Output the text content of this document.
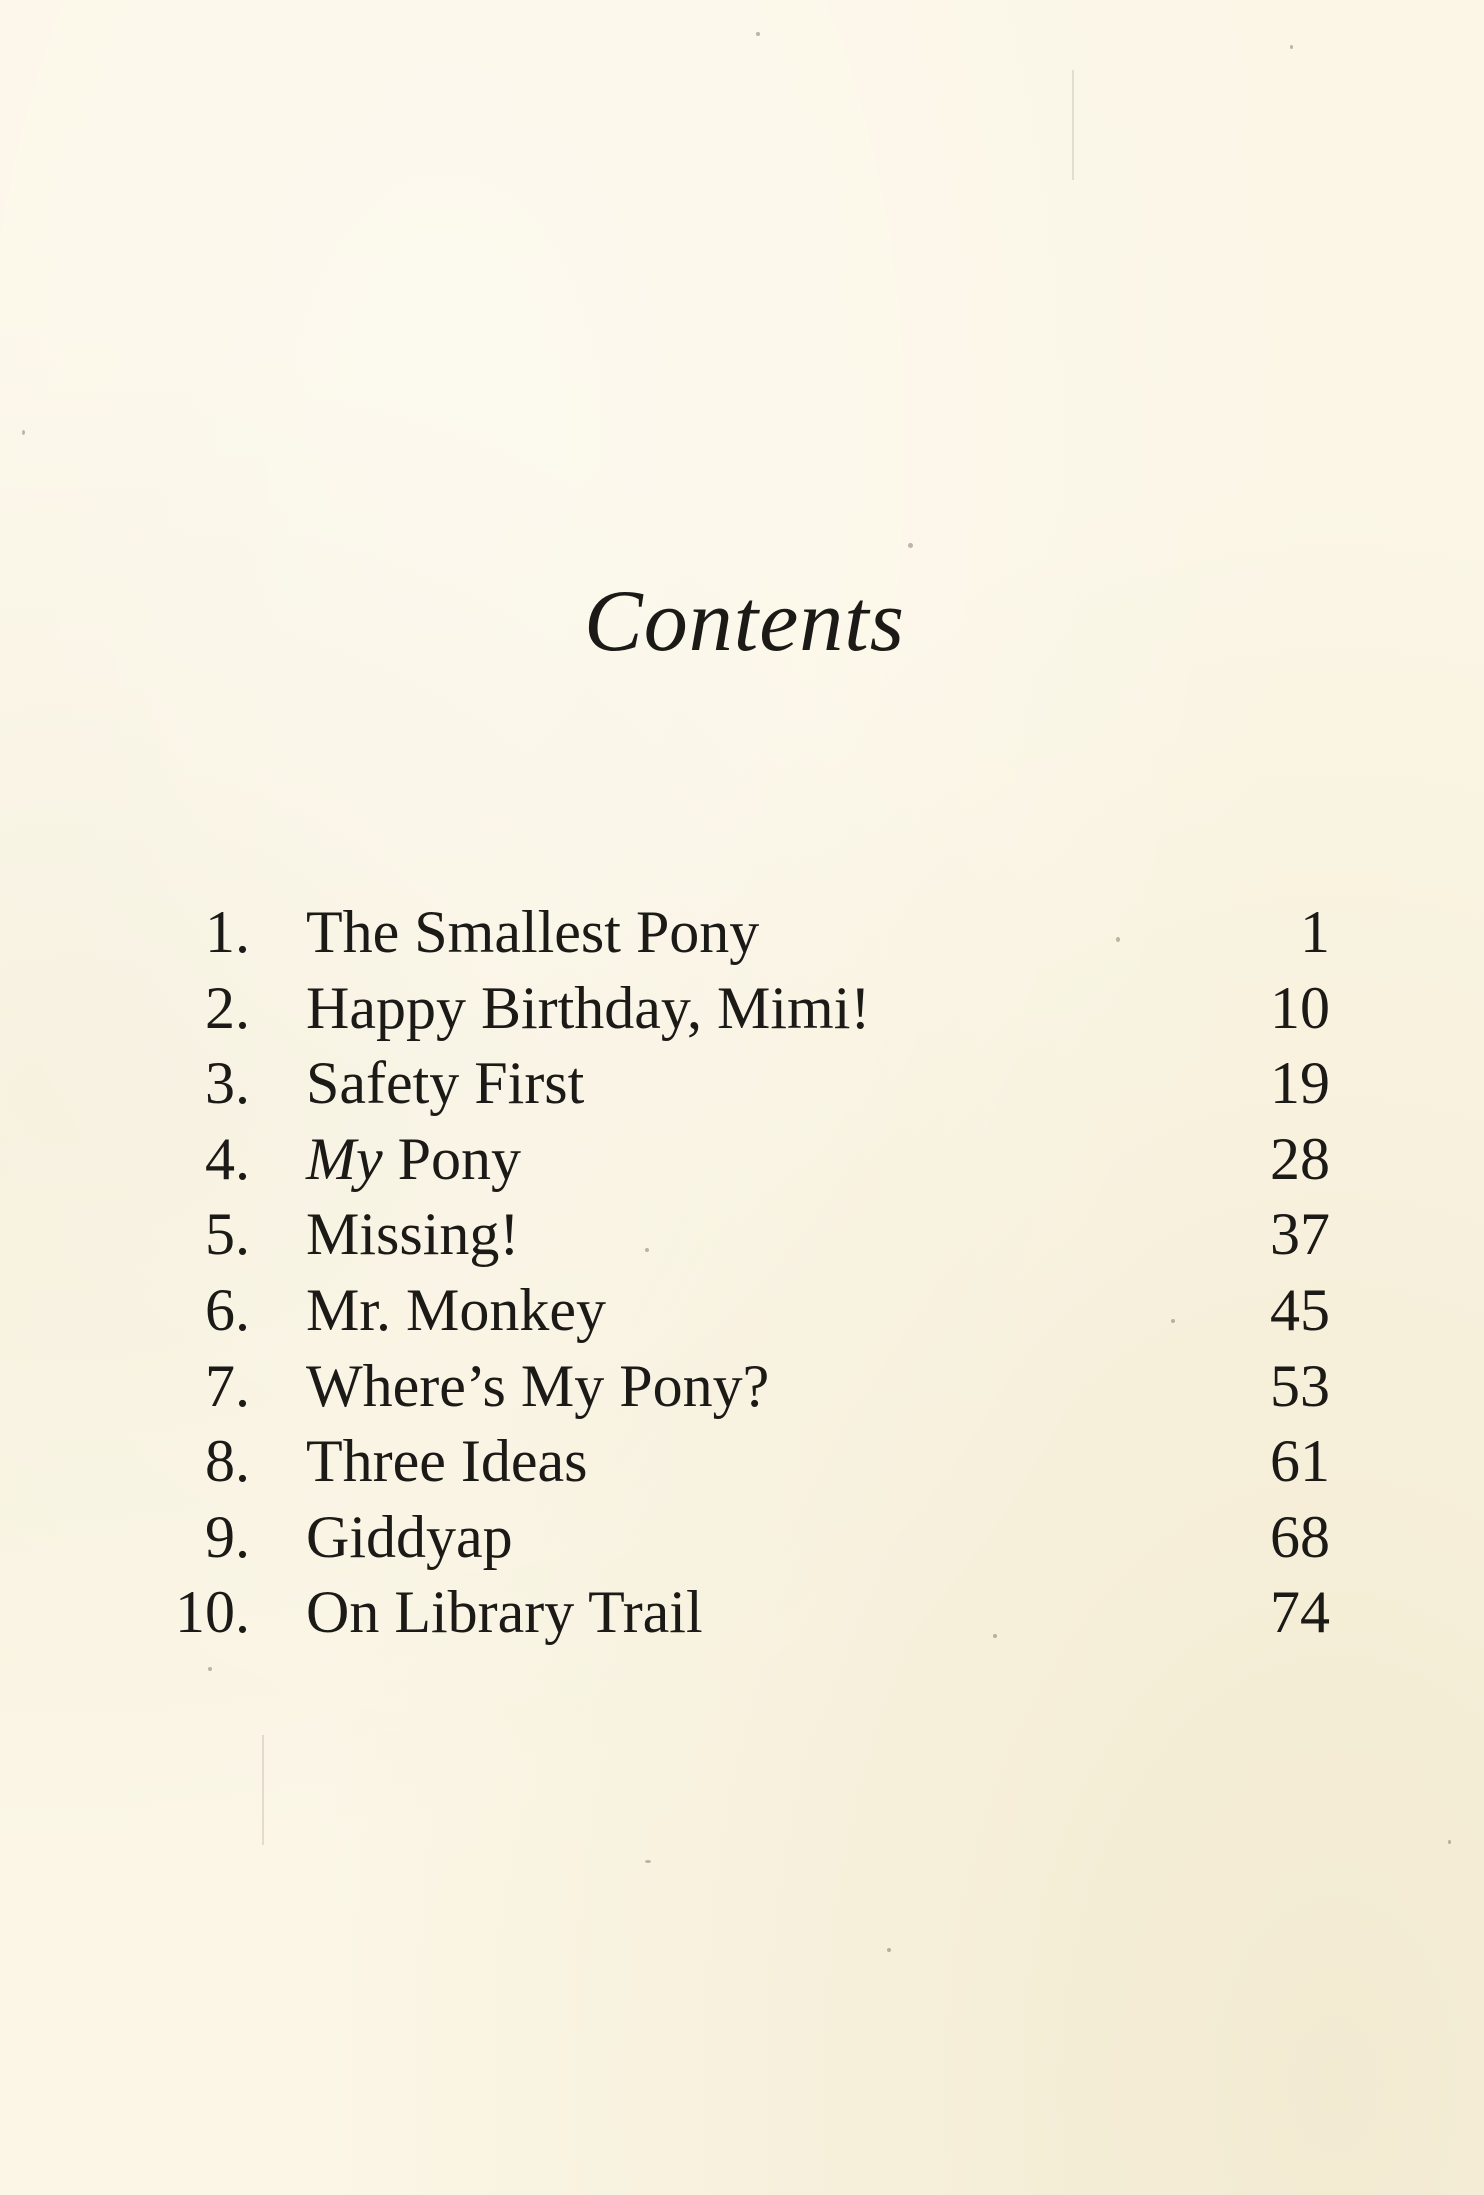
Contents
1. The Smallest Pony	1
2. Happy Birthday, Mimi!	10
3. Safety First	19
4. My Pony	28
5. Missing!	37
6. Mr. Monkey	45
7. Where’s My Pony?	53
8. Three Ideas	61
9. Giddyap	68
10. On Library Trail	74
